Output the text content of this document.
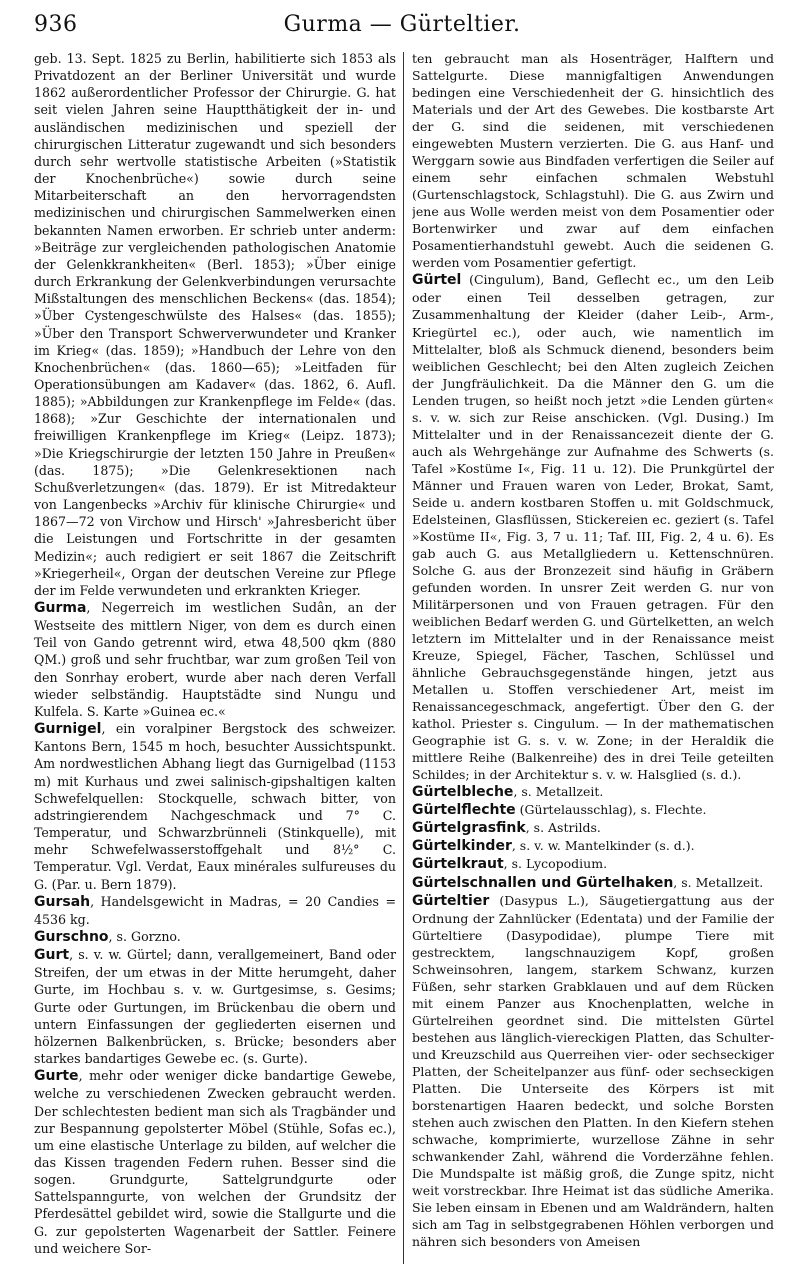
936	Gurma — Gürteltier.

geb. 13. Sept. 1825 zu Berlin, habilitierte sich 1853 als Privatdozent an der Berliner Universität und wurde 1862 außerordentlicher Professor der Chirurgie. G. hat seit vielen Jahren seine Hauptthätigkeit der in- und ausländischen medizinischen und speziell der chirurgischen Litteratur zugewandt und sich besonders durch sehr wertvolle statistische Arbeiten (»Statistik der Knochenbrüche«) sowie durch seine Mitarbeiterschaft an den hervorragendsten medizinischen und chirurgischen Sammelwerken einen bekannten Namen erworben. Er schrieb unter anderm: »Beiträge zur vergleichenden pathologischen Anatomie der Gelenkkrankheiten« (Berl. 1853); »Über einige durch Erkrankung der Gelenkverbindungen verursachte Mißstaltungen des menschlichen Beckens« (das. 1854); »Über Cystengeschwülste des Halses« (das. 1855); »Über den Transport Schwerverwundeter und Kranker im Krieg« (das. 1859); »Handbuch der Lehre von den Knochenbrüchen« (das. 1860—65); »Leitfaden für Operationsübungen am Kadaver« (das. 1862, 6. Aufl. 1885); »Abbildungen zur Krankenpflege im Felde« (das. 1868); »Zur Geschichte der internationalen und freiwilligen Krankenpflege im Krieg« (Leipz. 1873); »Die Kriegschirurgie der letzten 150 Jahre in Preußen« (das. 1875); »Die Gelenkresektionen nach Schußverletzungen« (das. 1879). Er ist Mitredakteur von Langenbecks »Archiv für klinische Chirurgie« und 1867—72 von Virchow und Hirsch' »Jahresbericht über die Leistungen und Fortschritte in der gesamten Medizin«; auch redigiert er seit 1867 die Zeitschrift »Kriegerheil«, Organ der deutschen Vereine zur Pflege der im Felde verwundeten und erkrankten Krieger.

Gurma, Negerreich im westlichen Sudân, an der Westseite des mittlern Niger, von dem es durch einen Teil von Gando getrennt wird, etwa 48,500 qkm (880 QM.) groß und sehr fruchtbar, war zum großen Teil von den Sonrhay erobert, wurde aber nach deren Verfall wieder selbständig. Hauptstädte sind Nungu und Kulfela. S. Karte »Guinea ec.«

Gurnigel, ein voralpiner Bergstock des schweizer. Kantons Bern, 1545 m hoch, besuchter Aussichtspunkt. Am nordwestlichen Abhang liegt das Gurnigelbad (1153 m) mit Kurhaus und zwei salinisch-gipshaltigen kalten Schwefelquellen: Stockquelle, schwach bitter, von adstringierendem Nachgeschmack und 7° C. Temperatur, und Schwarzbrünneli (Stinkquelle), mit mehr Schwefelwasserstoffgehalt und 8½° C. Temperatur. Vgl. Verdat, Eaux minérales sulfureuses du G. (Par. u. Bern 1879).

Gursah, Handelsgewicht in Madras, = 20 Candies = 4536 kg.

Gurschno, s. Gorzno.

Gurt, s. v. w. Gürtel; dann, verallgemeinert, Band oder Streifen, der um etwas in der Mitte herumgeht, daher Gurte, im Hochbau s. v. w. Gurtgesimse, s. Gesims; Gurte oder Gurtungen, im Brückenbau die obern und untern Einfassungen der gegliederten eisernen und hölzernen Balkenbrücken, s. Brücke; besonders aber starkes bandartiges Gewebe ec. (s. Gurte).

Gurte, mehr oder weniger dicke bandartige Gewebe, welche zu verschiedenen Zwecken gebraucht werden. Der schlechtesten bedient man sich als Tragbänder und zur Bespannung gepolsterter Möbel (Stühle, Sofas ec.), um eine elastische Unterlage zu bilden, auf welcher die das Kissen tragenden Federn ruhen. Besser sind die sogen. Grundgurte, Sattelgrundgurte oder Sattelspanngurte, von welchen der Grundsitz der Pferdesättel gebildet wird, sowie die Stallgurte und die G. zur gepolsterten Wagenarbeit der Sattler. Feinere und weichere Sor-

ten gebraucht man als Hosenträger, Halftern und Sattelgurte. Diese mannigfaltigen Anwendungen bedingen eine Verschiedenheit der G. hinsichtlich des Materials und der Art des Gewebes. Die kostbarste Art der G. sind die seidenen, mit verschiedenen eingewebten Mustern verzierten. Die G. aus Hanf- und Werggarn sowie aus Bindfaden verfertigen die Seiler auf einem sehr einfachen schmalen Webstuhl (Gurtenschlagstock, Schlagstuhl). Die G. aus Zwirn und jene aus Wolle werden meist von dem Posamentier oder Bortenwirker und zwar auf dem einfachen Posamentierhandstuhl gewebt. Auch die seidenen G. werden vom Posamentier gefertigt.

Gürtel (Cingulum), Band, Geflecht ec., um den Leib oder einen Teil desselben getragen, zur Zusammenhaltung der Kleider (daher Leib-, Arm-, Kriegürtel ec.), oder auch, wie namentlich im Mittelalter, bloß als Schmuck dienend, besonders beim weiblichen Geschlecht; bei den Alten zugleich Zeichen der Jungfräulichkeit. Da die Männer den G. um die Lenden trugen, so heißt noch jetzt »die Lenden gürten« s. v. w. sich zur Reise anschicken. (Vgl. Dusing.) Im Mittelalter und in der Renaissancezeit diente der G. auch als Wehrgehänge zur Aufnahme des Schwerts (s. Tafel »Kostüme I«, Fig. 11 u. 12). Die Prunkgürtel der Männer und Frauen waren von Leder, Brokat, Samt, Seide u. andern kostbaren Stoffen u. mit Goldschmuck, Edelsteinen, Glasflüssen, Stickereien ec. geziert (s. Tafel »Kostüme II«, Fig. 3, 7 u. 11; Taf. III, Fig. 2, 4 u. 6). Es gab auch G. aus Metallgliedern u. Kettenschnüren. Solche G. aus der Bronzezeit sind häufig in Gräbern gefunden worden. In unsrer Zeit werden G. nur von Militärpersonen und von Frauen getragen. Für den weiblichen Bedarf werden G. und Gürtelketten, an welch letztern im Mittelalter und in der Renaissance meist Kreuze, Spiegel, Fächer, Taschen, Schlüssel und ähnliche Gebrauchsgegenstände hingen, jetzt aus Metallen u. Stoffen verschiedener Art, meist im Renaissancegeschmack, angefertigt. Über den G. der kathol. Priester s. Cingulum. — In der mathematischen Geographie ist G. s. v. w. Zone; in der Heraldik die mittlere Reihe (Balkenreihe) des in drei Teile geteilten Schildes; in der Architektur s. v. w. Halsglied (s. d.).

Gürtelbleche, s. Metallzeit.

Gürtelflechte (Gürtelausschlag), s. Flechte.

Gürtelgrasfink, s. Astrilds.

Gürtelkinder, s. v. w. Mantelkinder (s. d.).

Gürtelkraut, s. Lycopodium.

Gürtelschnallen und Gürtelhaken, s. Metallzeit.

Gürteltier (Dasypus L.), Säugetiergattung aus der Ordnung der Zahnlücker (Edentata) und der Familie der Gürteltiere (Dasypodidae), plumpe Tiere mit gestrecktem, langschnauzigem Kopf, großen Schweinsohren, langem, starkem Schwanz, kurzen Füßen, sehr starken Grabklauen und auf dem Rücken mit einem Panzer aus Knochenplatten, welche in Gürtelreihen geordnet sind. Die mittelsten Gürtel bestehen aus länglich-viereckigen Platten, das Schulter- und Kreuzschild aus Querreihen vier- oder sechseckiger Platten, der Scheitelpanzer aus fünf- oder sechseckigen Platten. Die Unterseite des Körpers ist mit borstenartigen Haaren bedeckt, und solche Borsten stehen auch zwischen den Platten. In den Kiefern stehen schwache, komprimierte, wurzellose Zähne in sehr schwankender Zahl, während die Vorderzähne fehlen. Die Mundspalte ist mäßig groß, die Zunge spitz, nicht weit vorstreckbar. Ihre Heimat ist das südliche Amerika. Sie leben einsam in Ebenen und am Waldrändern, halten sich am Tag in selbstgegrabenen Höhlen verborgen und nähren sich besonders von Ameisen
